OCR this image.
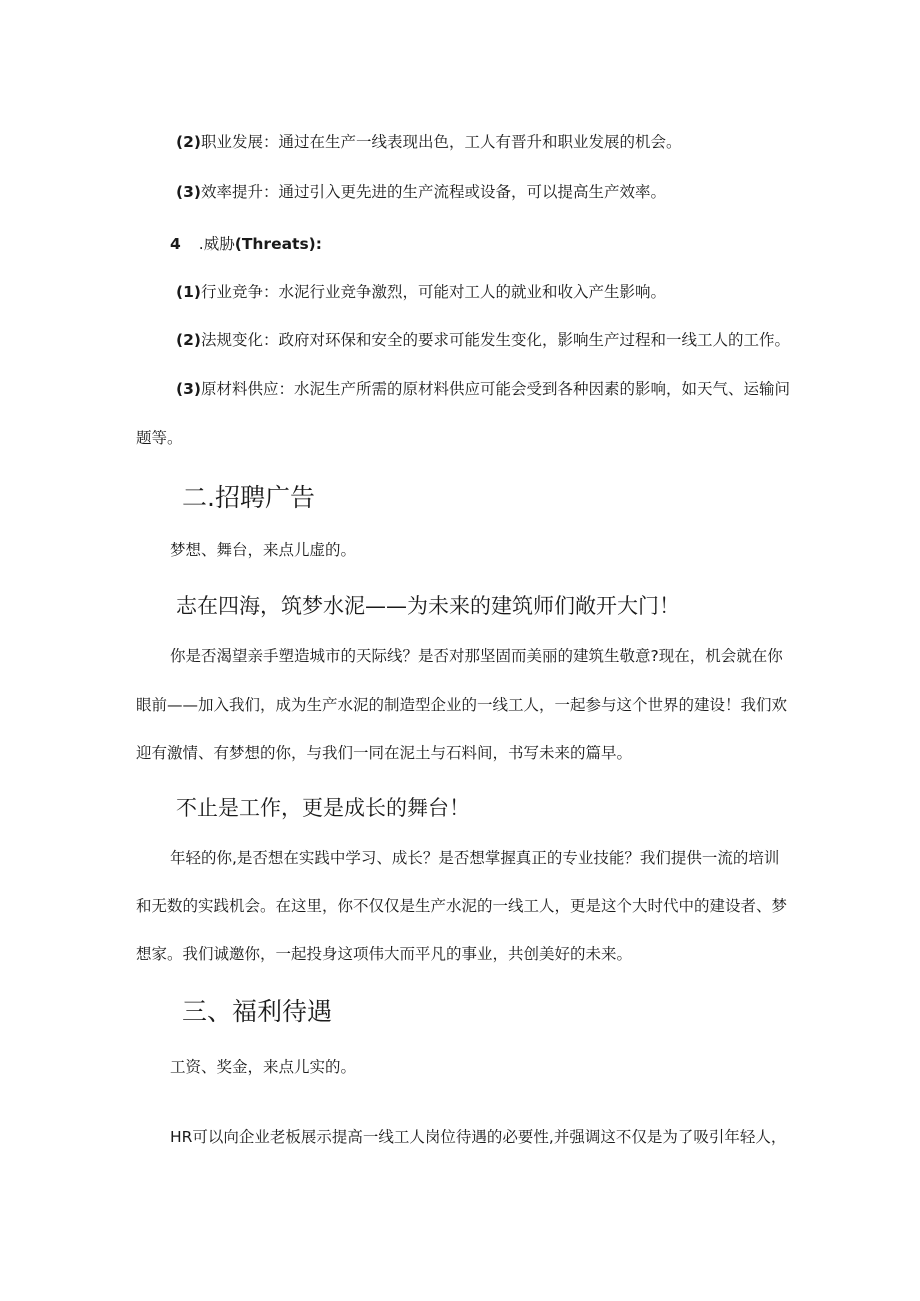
(2)职业发展：通过在生产一线表现出色，工人有晋升和职业发展的机会。
(3)效率提升：通过引入更先进的生产流程或设备，可以提高生产效率。
4 .威胁(Threats):
(1)行业竞争：水泥行业竞争激烈，可能对工人的就业和收入产生影响。
(2)法规变化：政府对环保和安全的要求可能发生变化，影响生产过程和一线工人的工作。
(3)原材料供应：水泥生产所需的原材料供应可能会受到各种因素的影响，如天气、运输问
题等。
二.招聘广告
梦想、舞台，来点儿虚的。
志在四海，筑梦水泥——为未来的建筑师们敞开大门！
你是否渴望亲手塑造城市的天际线？是否对那坚固而美丽的建筑生敬意?现在，机会就在你
眼前——加入我们，成为生产水泥的制造型企业的一线工人，一起参与这个世界的建设！我们欢
迎有激情、有梦想的你，与我们一同在泥土与石料间，书写未来的篇早。
不止是工作，更是成长的舞台！
年轻的你,是否想在实践中学习、成长？是否想掌握真正的专业技能？我们提供一流的培训
和无数的实践机会。在这里，你不仅仅是生产水泥的一线工人，更是这个大时代中的建设者、梦
想家。我们诚邀你，一起投身这项伟大而平凡的事业，共创美好的未来。
三、福利待遇
工资、奖金，来点儿实的。
HR可以向企业老板展示提高一线工人岗位待遇的必要性,并强调这不仅是为了吸引年轻人，
